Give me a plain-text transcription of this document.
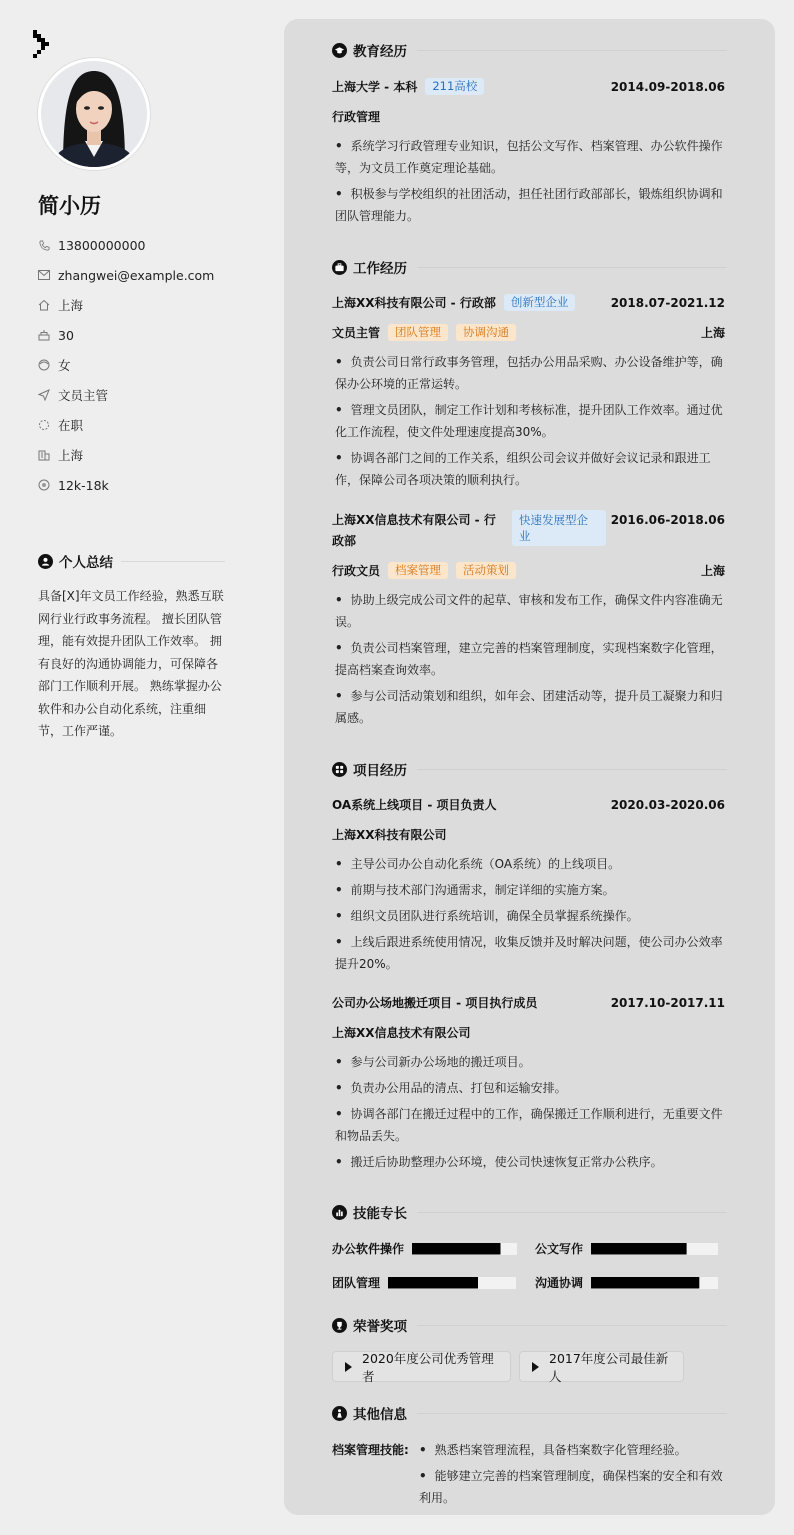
简小历
13800000000
zhangwei@example.com
上海
30
女
文员主管
在职
上海
12k-18k
个人总结
具备[X]年文员工作经验，熟悉互联网行业行政事务流程。 擅长团队管理，能有效提升团队工作效率。 拥有良好的沟通协调能力，可保障各部门工作顺利开展。 熟练掌握办公软件和办公自动化系统，注重细节，工作严谨。
教育经历
上海大学 - 本科	211高校	2014.09-2018.06
行政管理
• 系统学习行政管理专业知识，包括公文写作、档案管理、办公软件操作等，为文员工作奠定理论基础。
• 积极参与学校组织的社团活动，担任社团行政部部长，锻炼组织协调和团队管理能力。
工作经历
上海XX科技有限公司 - 行政部	创新型企业	2018.07-2021.12
文员主管	团队管理	协调沟通	上海
• 负责公司日常行政事务管理，包括办公用品采购、办公设备维护等，确保办公环境的正常运转。
• 管理文员团队，制定工作计划和考核标准，提升团队工作效率。通过优化工作流程，使文件处理速度提高30%。
• 协调各部门之间的工作关系，组织公司会议并做好会议记录和跟进工作，保障公司各项决策的顺利执行。
上海XX信息技术有限公司 - 行
政部
快速发展型企
业
2016.06-2018.06
行政文员	档案管理	活动策划	上海
• 协助上级完成公司文件的起草、审核和发布工作，确保文件内容准确无误。
• 负责公司档案管理，建立完善的档案管理制度，实现档案数字化管理，提高档案查询效率。
• 参与公司活动策划和组织，如年会、团建活动等，提升员工凝聚力和归属感。
项目经历
OA系统上线项目 - 项目负责人	2020.03-2020.06
上海XX科技有限公司
• 主导公司办公自动化系统（OA系统）的上线项目。
• 前期与技术部门沟通需求，制定详细的实施方案。
• 组织文员团队进行系统培训，确保全员掌握系统操作。
• 上线后跟进系统使用情况，收集反馈并及时解决问题，使公司办公效率提升20%。
公司办公场地搬迁项目 - 项目执行成员	2017.10-2017.11
上海XX信息技术有限公司
• 参与公司新办公场地的搬迁项目。
• 负责办公用品的清点、打包和运输安排。
• 协调各部门在搬迁过程中的工作，确保搬迁工作顺利进行，无重要文件和物品丢失。
• 搬迁后协助整理办公环境，使公司快速恢复正常办公秩序。
技能专长
办公软件操作	公文写作
团队管理	沟通协调
荣誉奖项
2020年度公司优秀管理者
2017年度公司最佳新人
其他信息
档案管理技能:
•	熟悉档案管理流程，具备档案数字化管理经验。
• 能够建立完善的档案管理制度，确保档案的安全和有效利用。
